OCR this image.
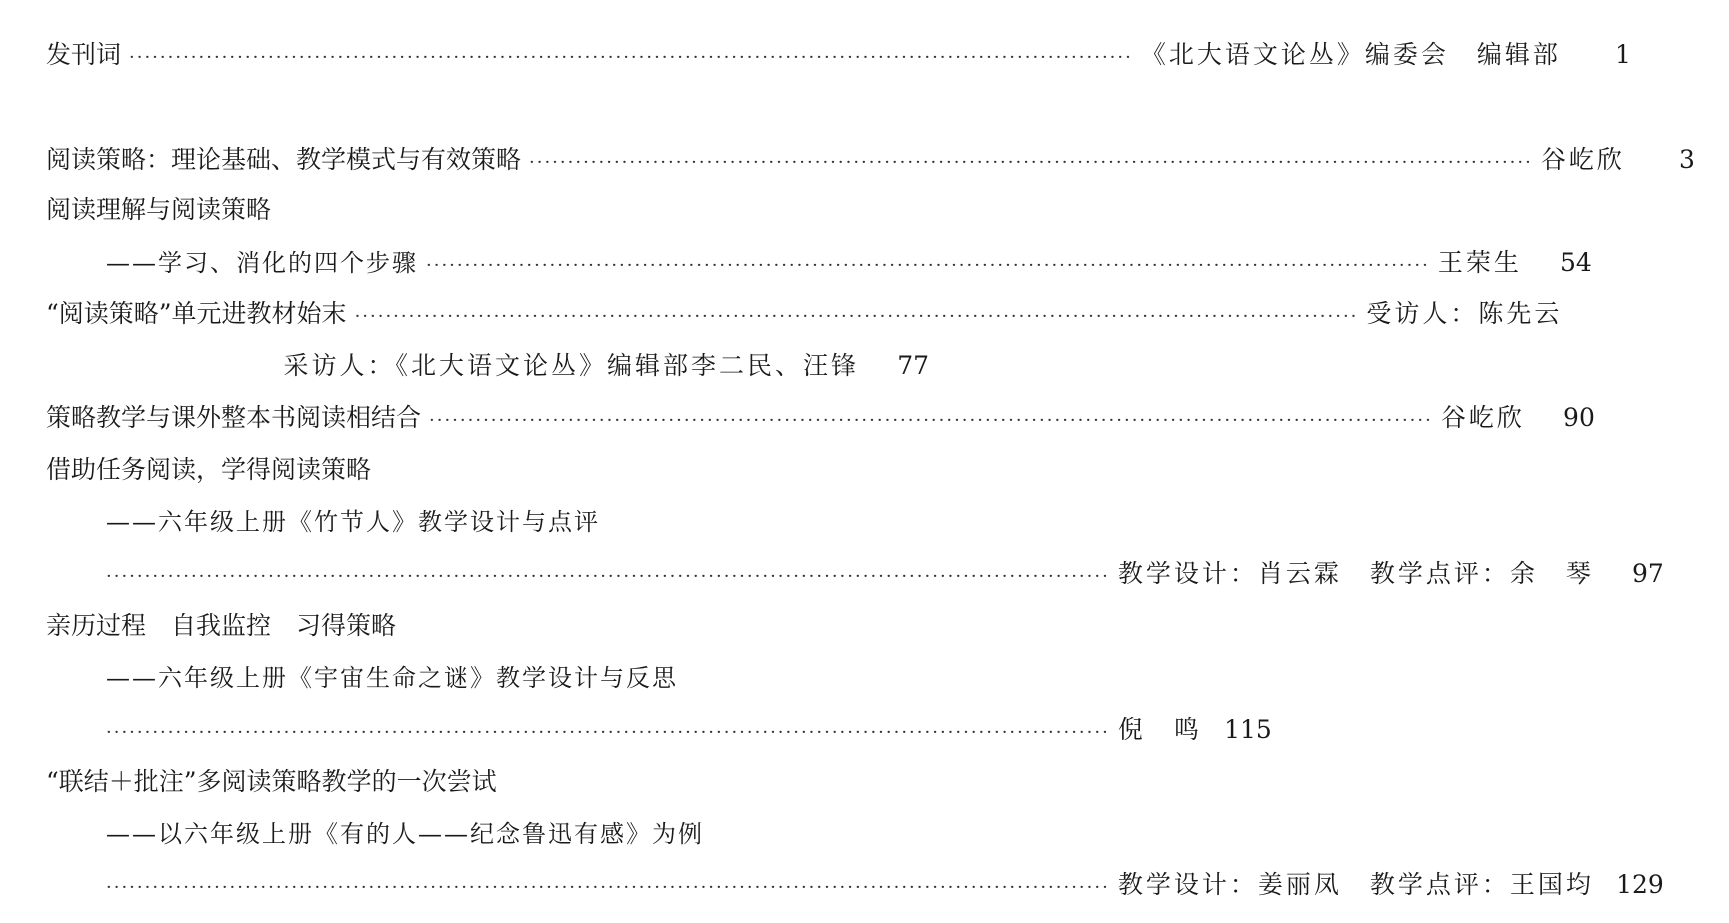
发刊词 ·····	《北大语文论丛》编委会　编辑部	1
阅读策略：理论基础、教学模式与有效策略 ·····	谷屹欣	3
阅读理解与阅读策略
——学习、消化的四个步骤 ·····	王荣生	54
“阅读策略”单元进教材始末 ·····	受访人：陈先云
采访人：《北大语文论丛》编辑部李二民、汪锋	77
策略教学与课外整本书阅读相结合 ·····	谷屹欣	90
借助任务阅读，学得阅读策略
——六年级上册《竹节人》教学设计与点评
·····
教学设计：肖云霖　教学点评：余　琴	97
亲历过程　自我监控　习得策略
——六年级上册《宇宙生命之谜》教学设计与反思
·····
倪　鸣 115
“联结＋批注”多阅读策略教学的一次尝试
——以六年级上册《有的人——纪念鲁迅有感》为例
·····
教学设计：姜丽凤　教学点评：王国均 129
